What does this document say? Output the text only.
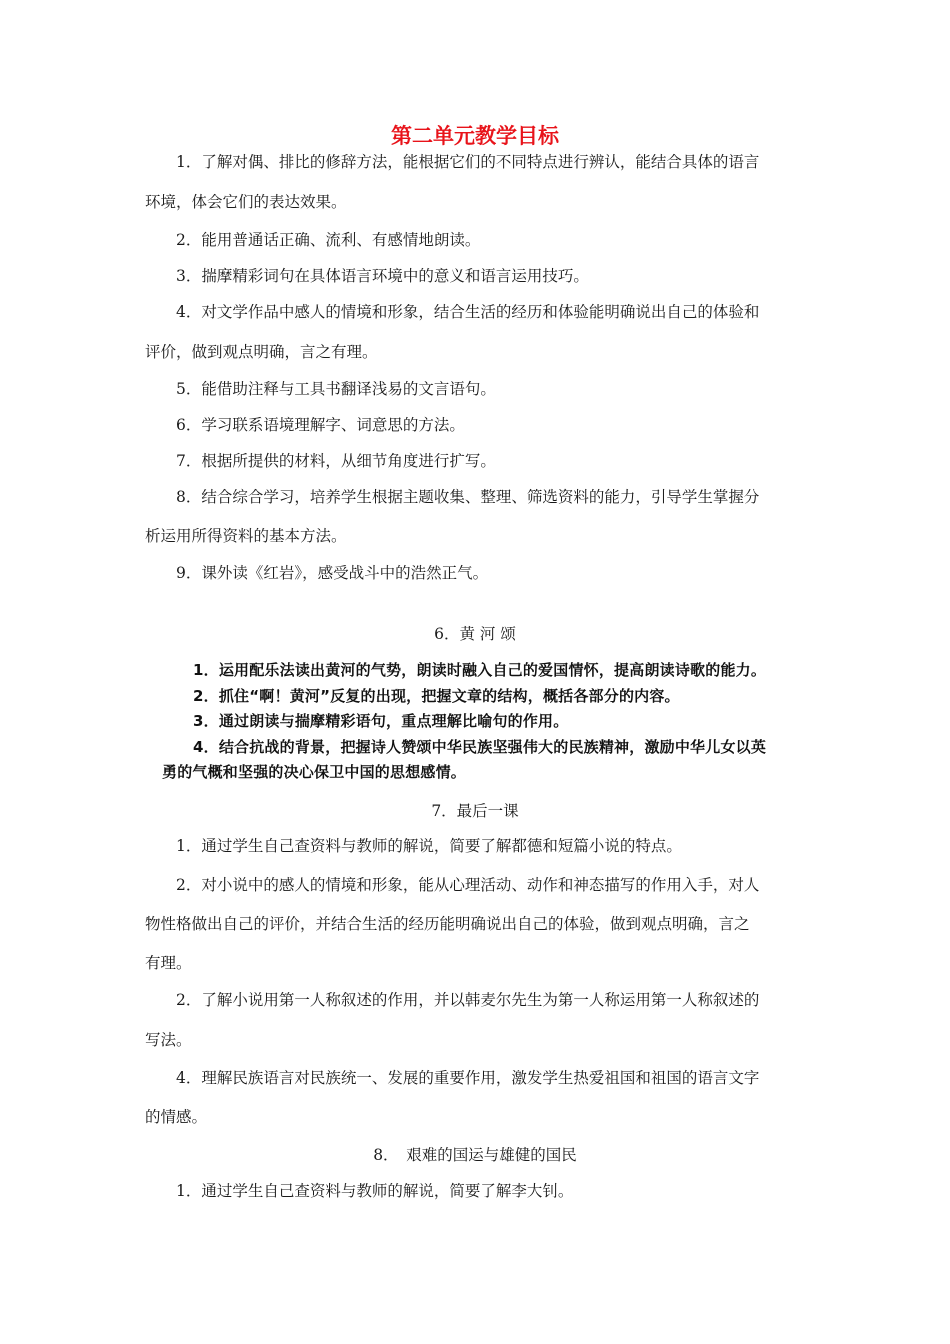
第二单元教学目标
1．了解对偶、排比的修辞方法，能根据它们的不同特点进行辨认，能结合具体的语言
环境，体会它们的表达效果。
2．能用普通话正确、流利、有感情地朗读。
3．揣摩精彩词句在具体语言环境中的意义和语言运用技巧。
4．对文学作品中感人的情境和形象，结合生活的经历和体验能明确说出自己的体验和
评价，做到观点明确，言之有理。
5．能借助注释与工具书翻译浅易的文言语句。
6．学习联系语境理解字、词意思的方法。
7．根据所提供的材料，从细节角度进行扩写。
8．结合综合学习，培养学生根据主题收集、整理、筛选资料的能力，引导学生掌握分
析运用所得资料的基本方法。
9．课外读《红岩》，感受战斗中的浩然正气。
6．黄 河 颂
1．运用配乐法读出黄河的气势，朗读时融入自己的爱国情怀，提高朗读诗歌的能力。
2．抓住“啊！黄河”反复的出现，把握文章的结构，概括各部分的内容。
3．通过朗读与揣摩精彩语句，重点理解比喻句的作用。
4．结合抗战的背景，把握诗人赞颂中华民族坚强伟大的民族精神，激励中华儿女以英
勇的气概和坚强的决心保卫中国的思想感情。
7．最后一课
1．通过学生自己查资料与教师的解说，简要了解都德和短篇小说的特点。
2．对小说中的感人的情境和形象，能从心理活动、动作和神态描写的作用入手，对人
物性格做出自己的评价，并结合生活的经历能明确说出自己的体验，做到观点明确，言之
有理。
2．了解小说用第一人称叙述的作用，并以韩麦尔先生为第一人称运用第一人称叙述的
写法。
4．理解民族语言对民族统一、发展的重要作用，激发学生热爱祖国和祖国的语言文字
的情感。
8．　艰难的国运与雄健的国民
1．通过学生自己查资料与教师的解说，简要了解李大钊。
